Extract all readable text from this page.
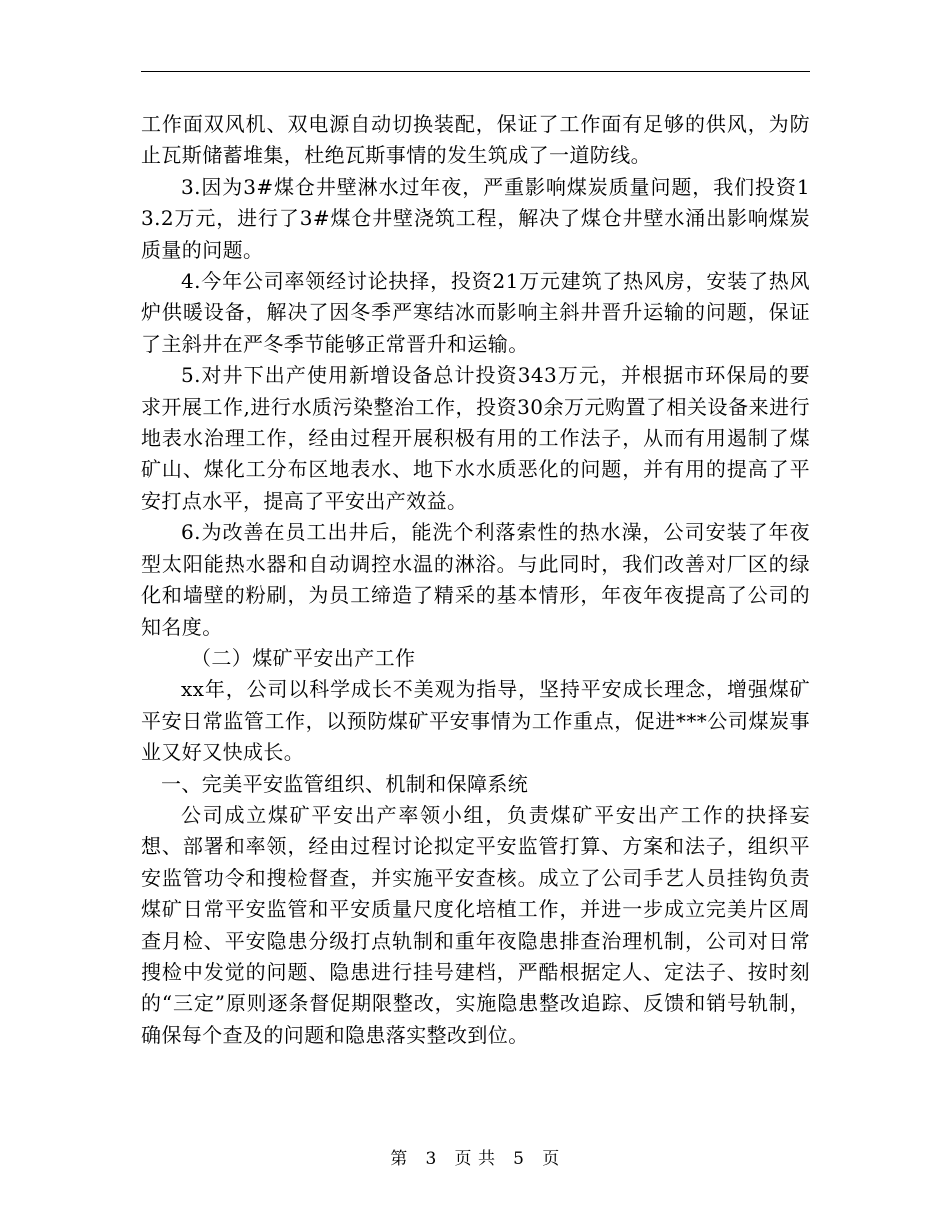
工作面双风机、双电源自动切换装配，保证了工作面有足够的供风，为防止瓦斯储蓄堆集，杜绝瓦斯事情的发生筑成了一道防线。

3.因为3#煤仓井壁淋水过年夜，严重影响煤炭质量问题，我们投资13.2万元，进行了3#煤仓井壁浇筑工程，解决了煤仓井壁水涌出影响煤炭质量的问题。

4.今年公司率领经讨论抉择，投资21万元建筑了热风房，安装了热风炉供暖设备，解决了因冬季严寒结冰而影响主斜井晋升运输的问题，保证了主斜井在严冬季节能够正常晋升和运输。

5.对井下出产使用新增设备总计投资343万元，并根据市环保局的要求开展工作,进行水质污染整治工作，投资30余万元购置了相关设备来进行地表水治理工作，经由过程开展积极有用的工作法子，从而有用遏制了煤矿山、煤化工分布区地表水、地下水水质恶化的问题，并有用的提高了平安打点水平，提高了平安出产效益。

6.为改善在员工出井后，能洗个利落索性的热水澡，公司安装了年夜型太阳能热水器和自动调控水温的淋浴。与此同时，我们改善对厂区的绿化和墙壁的粉刷，为员工缔造了精采的基本情形，年夜年夜提高了公司的知名度。

（二）煤矿平安出产工作

xx年，公司以科学成长不美观为指导，坚持平安成长理念，增强煤矿平安日常监管工作，以预防煤矿平安事情为工作重点，促进***公司煤炭事业又好又快成长。

一、完美平安监管组织、机制和保障系统

公司成立煤矿平安出产率领小组，负责煤矿平安出产工作的抉择妄想、部署和率领，经由过程讨论拟定平安监管打算、方案和法子，组织平安监管功令和搜检督查，并实施平安查核。成立了公司手艺人员挂钩负责煤矿日常平安监管和平安质量尺度化培植工作，并进一步成立完美片区周查月检、平安隐患分级打点轨制和重年夜隐患排查治理机制，公司对日常搜检中发觉的问题、隐患进行挂号建档，严酷根据定人、定法子、按时刻的“三定”原则逐条督促期限整改，实施隐患整改追踪、反馈和销号轨制，确保每个查及的问题和隐患落实整改到位。

第 3 页 共 5 页
